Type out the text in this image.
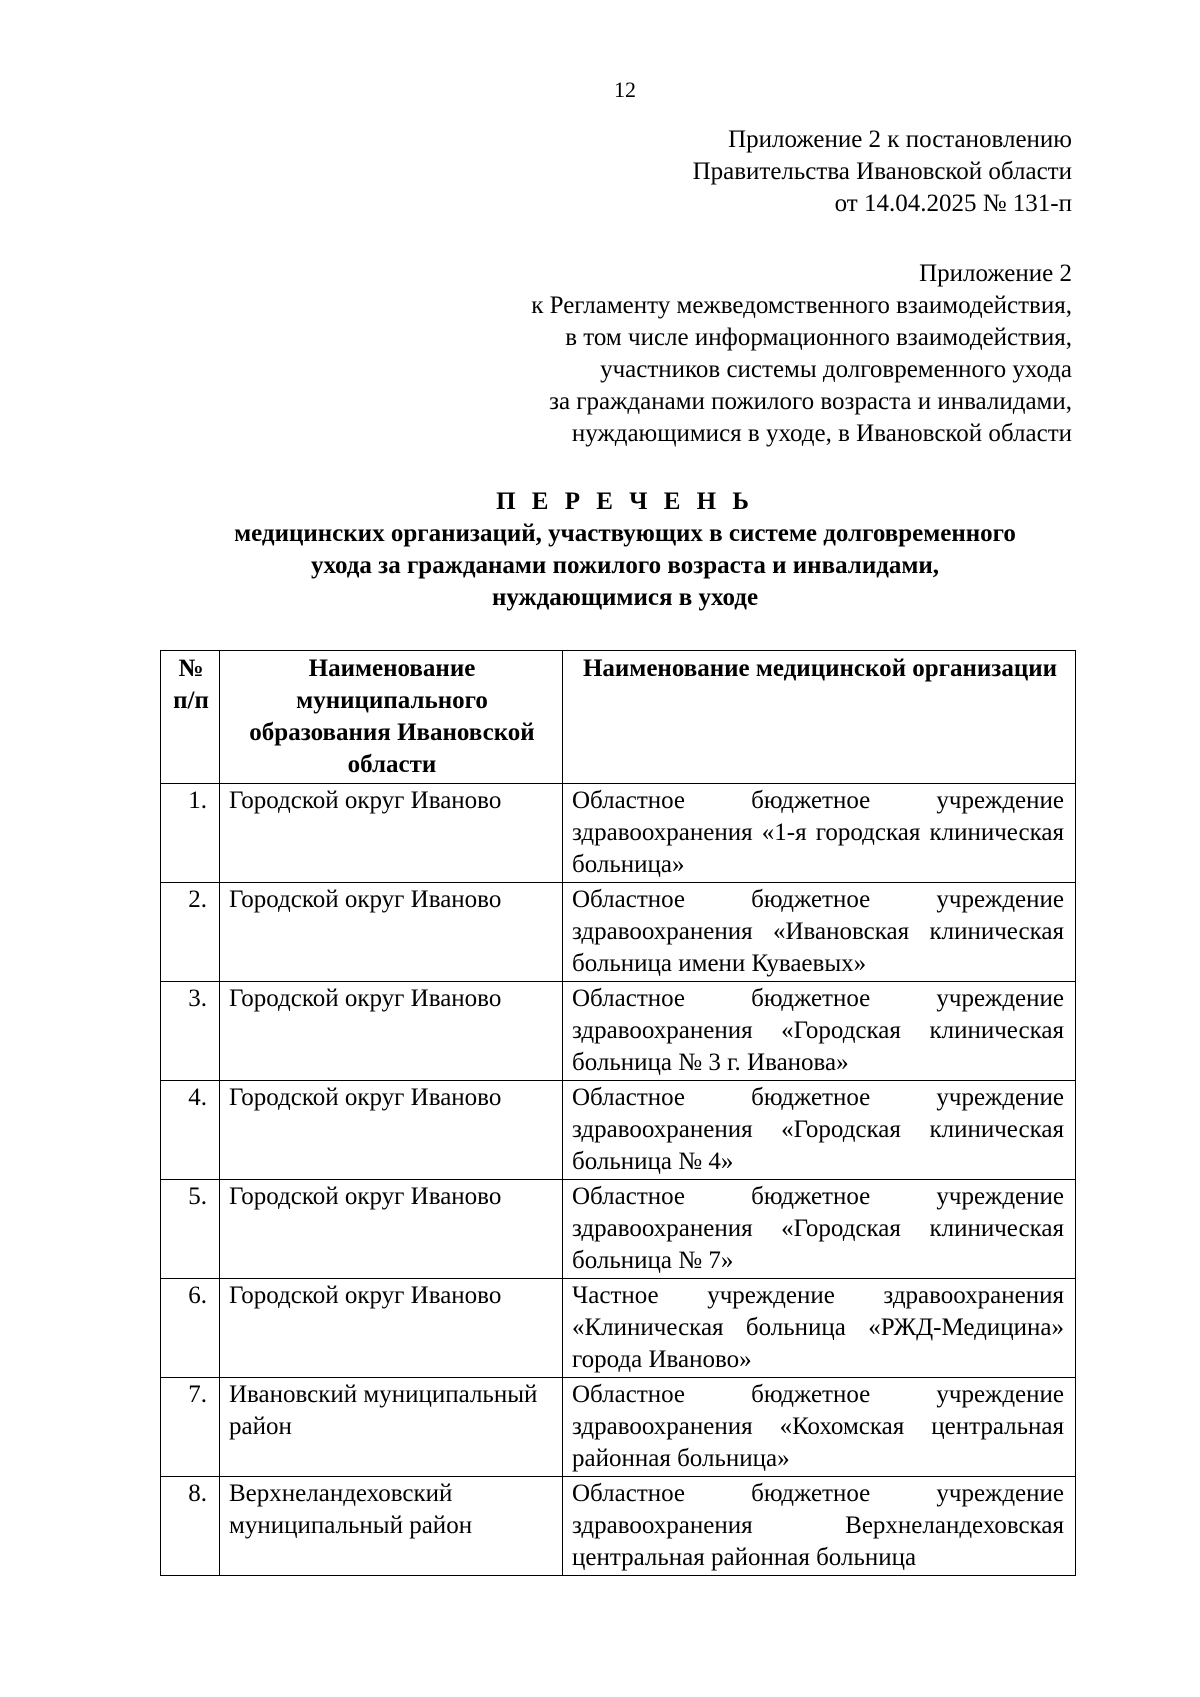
12
Приложение 2 к постановлению
Правительства Ивановской области
от 14.04.2025 № 131-п
Приложение 2
к Регламенту межведомственного взаимодействия,
в том числе информационного взаимодействия,
участников системы долговременного ухода
за гражданами пожилого возраста и инвалидами,
нуждающимися в уходе, в Ивановской области
П Е Р Е Ч Е Н Ь
медицинских организаций, участвующих в системе долговременного
ухода за гражданами пожилого возраста и инвалидами,
нуждающимися в уходе
№ п/п	Наименование муниципального образования Ивановской области	Наименование медицинской организации
1.	Городской округ Иваново	Областное бюджетное учреждение здравоохранения «1-я городская клиническая больница»
2.	Городской округ Иваново	Областное бюджетное учреждение здравоохранения «Ивановская клиническая больница имени Куваевых»
3.	Городской округ Иваново	Областное бюджетное учреждение здравоохранения «Городская клиническая больница № 3 г. Иванова»
4.	Городской округ Иваново	Областное бюджетное учреждение здравоохранения «Городская клиническая больница № 4»
5.	Городской округ Иваново	Областное бюджетное учреждение здравоохранения «Городская клиническая больница № 7»
6.	Городской округ Иваново	Частное учреждение здравоохранения «Клиническая больница «РЖД-Медицина» города Иваново»
7.	Ивановский муниципальный район	Областное бюджетное учреждение здравоохранения «Кохомская центральная районная больница»
8.	Верхнеландеховский муниципальный район	Областное бюджетное учреждение здравоохранения Верхнеландеховская центральная районная больница
